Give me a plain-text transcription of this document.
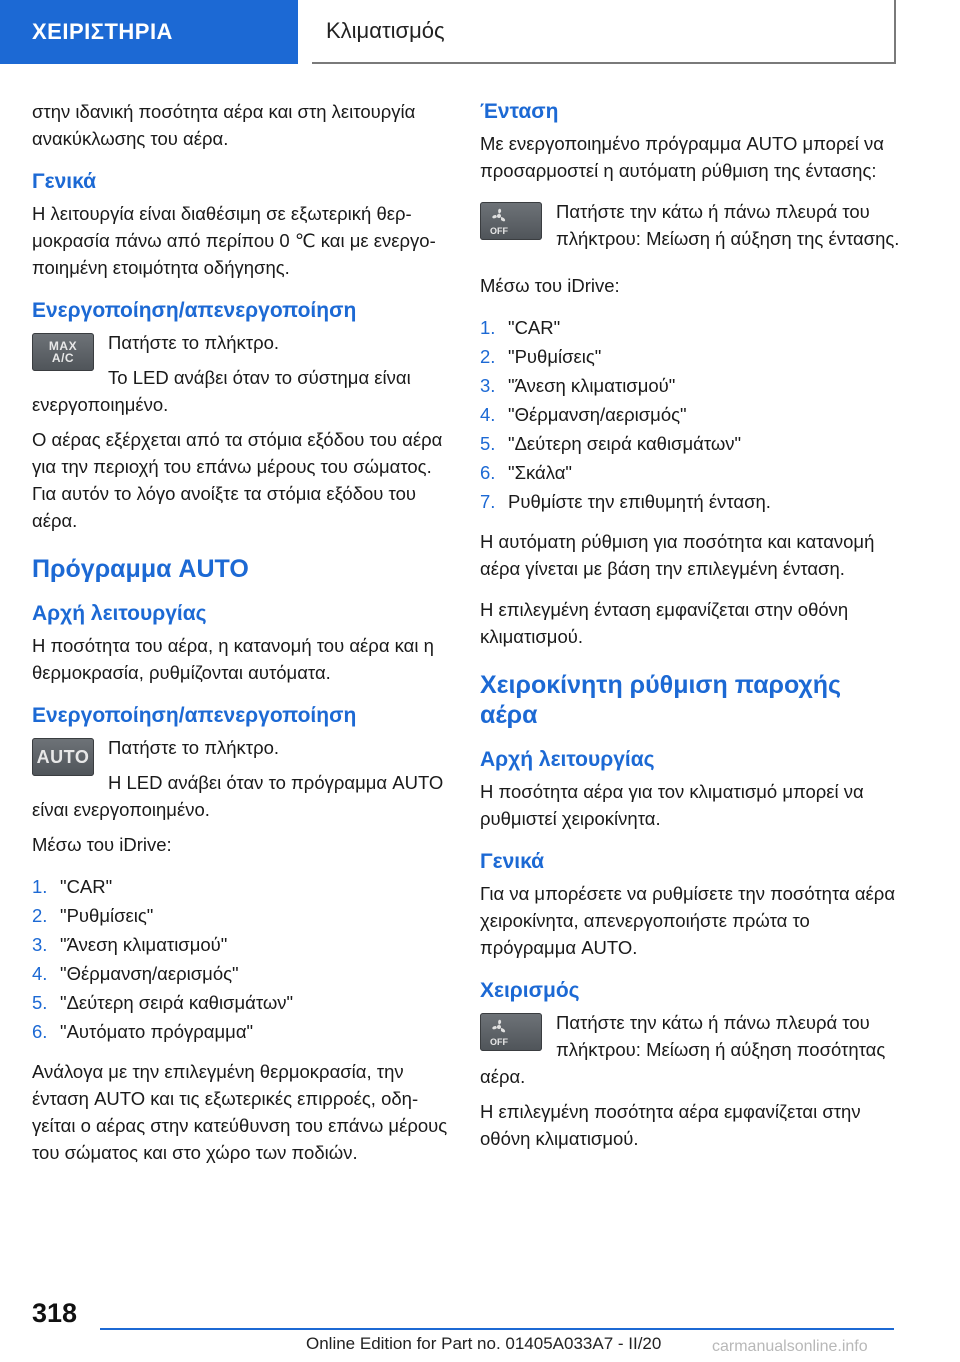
ΧΕΙΡΙΣΤΗΡΙΑ	Κλιματισμός

στην ιδανική ποσότητα αέρα και στη λειτουργία ανακύκλωσης του αέρα.

Γενικά

Η λειτουργία είναι διαθέσιμη σε εξωτερική θερμοκρασία πάνω από περίπου 0 ℃ και με ενεργοποιημένη ετοιμότητα οδήγησης.

Ενεργοποίηση/απενεργοποίηση
MAX
A/C

Πατήστε το πλήκτρο.

Το LED ανάβει όταν το σύστημα είναι ενεργοποιημένο.

Ο αέρας εξέρχεται από τα στόμια εξόδου του αέρα για την περιοχή του επάνω μέρους του σώματος. Για αυτόν το λόγο ανοίξτε τα στόμια εξόδου του αέρα.

Πρόγραμμα AUTO
Αρχή λειτουργίας

Η ποσότητα του αέρα, η κατανομή του αέρα και η θερμοκρασία, ρυθμίζονται αυτόματα.

Ενεργοποίηση/απενεργοποίηση
AUTO	Πατήστε το πλήκτρο.

Η LED ανάβει όταν το πρόγραμμα AUTO είναι ενεργοποιημένο.

Μέσω του iDrive:

1. "CAR"
2. "Ρυθμίσεις"
3. "Άνεση κλιματισμού"
4. "Θέρμανση/αερισμός"
5. "Δεύτερη σειρά καθισμάτων"
6. "Αυτόματο πρόγραμμα"

Ανάλογα με την επιλεγμένη θερμοκρασία, την ένταση AUTO και τις εξωτερικές επιρροές, οδηγείται ο αέρας στην κατεύθυνση του επάνω μέρους του σώματος και στο χώρο των ποδιών.

Ένταση

Με ενεργοποιημένο πρόγραμμα AUTO μπορεί να προσαρμοστεί η αυτόματη ρύθμιση της έντασης:

OFF

Πατήστε την κάτω ή πάνω πλευρά του πλήκτρου: Μείωση ή αύξηση της έντασης.

Μέσω του iDrive:

1. "CAR"
2. "Ρυθμίσεις"
3. "Άνεση κλιματισμού"
4. "Θέρμανση/αερισμός"
5. "Δεύτερη σειρά καθισμάτων"
6. "Σκάλα"
7. Ρυθμίστε την επιθυμητή ένταση.

Η αυτόματη ρύθμιση για ποσότητα και κατανομή αέρα γίνεται με βάση την επιλεγμένη ένταση.

Η επιλεγμένη ένταση εμφανίζεται στην οθόνη κλιματισμού.

Χειροκίνητη ρύθμιση παροχής αέρα
Αρχή λειτουργίας

Η ποσότητα αέρα για τον κλιματισμό μπορεί να ρυθμιστεί χειροκίνητα.

Γενικά

Για να μπορέσετε να ρυθμίσετε την ποσότητα αέρα χειροκίνητα, απενεργοποιήστε πρώτα το πρόγραμμα AUTO.

Χειρισμός
OFF

Πατήστε την κάτω ή πάνω πλευρά του πλήκτρου: Μείωση ή αύξηση ποσότητας αέρα.

Η επιλεγμένη ποσότητα αέρα εμφανίζεται στην οθόνη κλιματισμού.

318
Online Edition for Part no. 01405A033A7 - II/20	carmanualsonline.info
